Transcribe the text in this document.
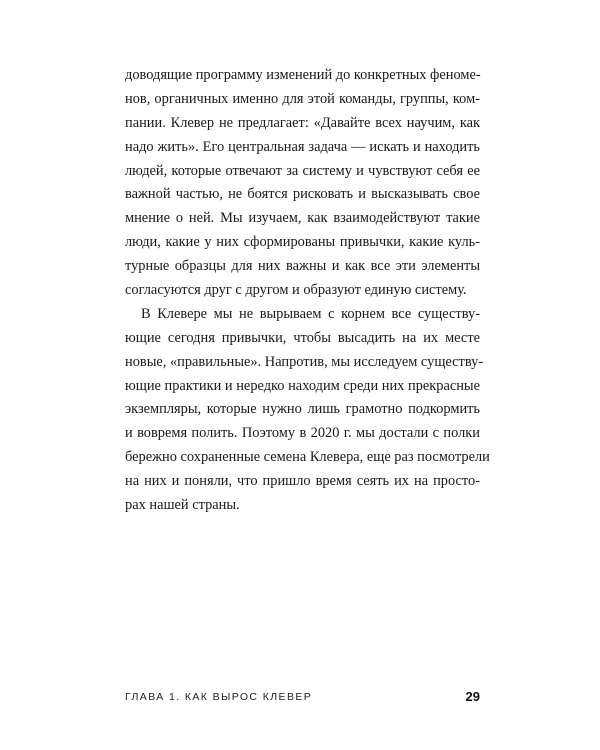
доводящие программу изменений до конкретных феноме-
нов, органичных именно для этой команды, группы, ком-
пании. Клевер не предлагает: «Давайте всех научим, как
надо жить». Его центральная задача — искать и находить
людей, которые отвечают за систему и чувствуют себя ее
важной частью, не боятся рисковать и высказывать свое
мнение о ней. Мы изучаем, как взаимодействуют такие
люди, какие у них сформированы привычки, какие куль-
турные образцы для них важны и как все эти элементы
согласуются друг с другом и образуют единую систему.
В Клевере мы не вырываем с корнем все существу-
ющие сегодня привычки, чтобы высадить на их месте
новые, «правильные». Напротив, мы исследуем существу-
ющие практики и нередко находим среди них прекрасные
экземпляры, которые нужно лишь грамотно подкормить
и вовремя полить. Поэтому в 2020 г. мы достали с полки
бережно сохраненные семена Клевера, еще раз посмотрели
на них и поняли, что пришло время сеять их на просто-
рах нашей страны.
ГЛАВА 1. КАК ВЫРОС КЛЕВЕР	29
